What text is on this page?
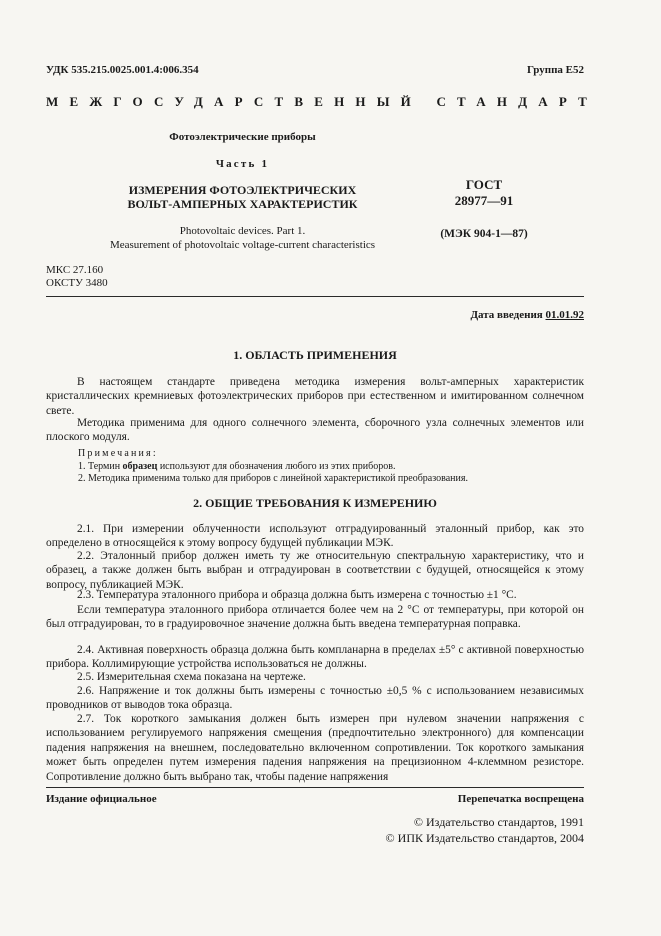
УДК 535.215.0025.001.4:006.354	Группа Е52
МЕЖГОСУДАРСТВЕННЫЙ СТАНДАРТ
Фотоэлектрические приборы
Часть 1
ИЗМЕРЕНИЯ ФОТОЭЛЕКТРИЧЕСКИХ
ВОЛЬТ-АМПЕРНЫХ ХАРАКТЕРИСТИК
Photovoltaic devices. Part 1.
Measurement of photovoltaic voltage-current characteristics
ГОСТ
28977—91
(МЭК 904-1—87)
МКС 27.160
ОКСТУ 3480
Дата введения 01.01.92
1. ОБЛАСТЬ ПРИМЕНЕНИЯ

В настоящем стандарте приведена методика измерения вольт-амперных характеристик кристаллических кремниевых фотоэлектрических приборов при естественном и имитированном солнечном свете.

Методика применима для одного солнечного элемента, сборочного узла солнечных элементов или плоского модуля.

Примечания:
1. Термин образец используют для обозначения любого из этих приборов.
2. Методика применима только для приборов с линейной характеристикой преобразования.
2. ОБЩИЕ ТРЕБОВАНИЯ К ИЗМЕРЕНИЮ

2.1. При измерении облученности используют отградуированный эталонный прибор, как это определено в относящейся к этому вопросу будущей публикации МЭК.

2.2. Эталонный прибор должен иметь ту же относительную спектральную характеристику, что и образец, а также должен быть выбран и отградуирован в соответствии с будущей, относящейся к этому вопросу, публикацией МЭК.

2.3. Температура эталонного прибора и образца должна быть измерена с точностью ±1 °С.

Если температура эталонного прибора отличается более чем на 2 °С от температуры, при которой он был отградуирован, то в градуировочное значение должна быть введена температурная поправка.

2.4. Активная поверхность образца должна быть компланарна в пределах ±5° с активной поверхностью прибора. Коллимирующие устройства использоваться не должны.

2.5. Измерительная схема показана на чертеже.

2.6. Напряжение и ток должны быть измерены с точностью ±0,5 % с использованием независимых проводников от выводов тока образца.

2.7. Ток короткого замыкания должен быть измерен при нулевом значении напряжения с использованием регулируемого напряжения смещения (предпочтительно электронного) для компенсации падения напряжения на внешнем, последовательно включенном сопротивлении. Ток короткого замыкания может быть определен путем измерения падения напряжения на прецизионном 4-клеммном резисторе. Сопротивление должно быть выбрано так, чтобы падение напряжения

Издание официальное	Перепечатка воспрещена
© Издательство стандартов, 1991
© ИПК Издательство стандартов, 2004
